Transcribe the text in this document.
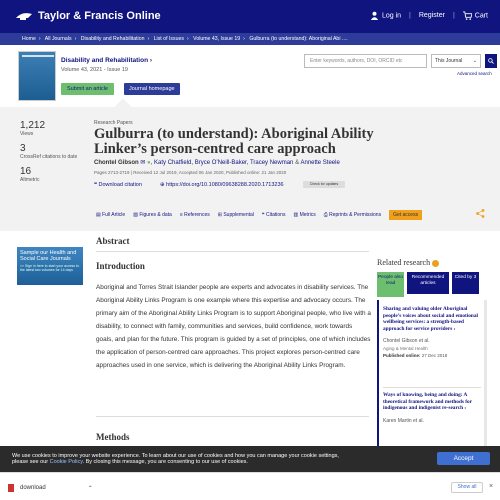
Taylor & Francis Online	Log in | Register |	Cart
Home › All Journals › Disability and Rehabilitation › List of Issues › Volume 43, Issue 19 › Gulburra (to understand): Aboriginal Abi ....
Disability and Rehabilitation ›
Volume 43, 2021 - Issue 19
Submit an article	Journal homepage
Enter keywords, authors, DOI, ORCID etc	This Journal ⌄
Advanced search
1,212
Views
3
CrossRef citations to date
16
Altmetric
Research Papers
Gulburra (to understand): Aboriginal Ability Linker’s person-centred care approach
Chontel Gibson ✉ ●, Katy Chatfield, Bryce O’Neill-Baker, Tracey Newman & Annette Steele
Pages 2713-2719 | Received 12 Jul 2019, Accepted 06 Jan 2020, Published online: 21 Jan 2020
❝ Download citation	⊕ https://doi.org/10.1080/09638288.2020.1713236	Check for updates
▤ Full Article ▧ Figures & data ≡ References ⊞ Supplemental ❝ Citations ▥ Metrics ⎙ Reprints & Permissions	Get access
Sample our Health and Social Care Journals
>> Sign in here to start your access to the latest two volumes for 14 days
Abstract
Introduction
Aboriginal and Torres Strait Islander people are experts and advocates in disability services. The Aboriginal Ability Links Program is one example where this expertise and advocacy occurs. The primary aim of the Aboriginal Ability Links Program is to support Aboriginal people, who live with a disability, to connect with family, communities and services, build confidence, work towards goals, and plan for the future. This program is guided by a set of principles, one of which includes the application of person-centred care approaches. This project explores person-centred care approaches used in one service, which is delivering the Aboriginal Ability Links Program.
Methods
Related research
People also read
Recommended articles
Cited by 3
Sharing and valuing older Aboriginal people’s voices about social and emotional wellbeing services: a strength-based approach for service providers ›
Chontel Gibson et al.
Aging & Mental Health
Published online: 27 Dec 2018
Ways of knowing, being and doing: A theoretical framework and methods for indigenous and indigenist re-search ›
Karen Martin et al.
We use cookies to improve your website experience. To learn about our use of cookies and how you can manage your cookie settings,
please see our Cookie Policy. By closing this message, you are consenting to our use of cookies.	Accept
download	⌃	Show all	×
